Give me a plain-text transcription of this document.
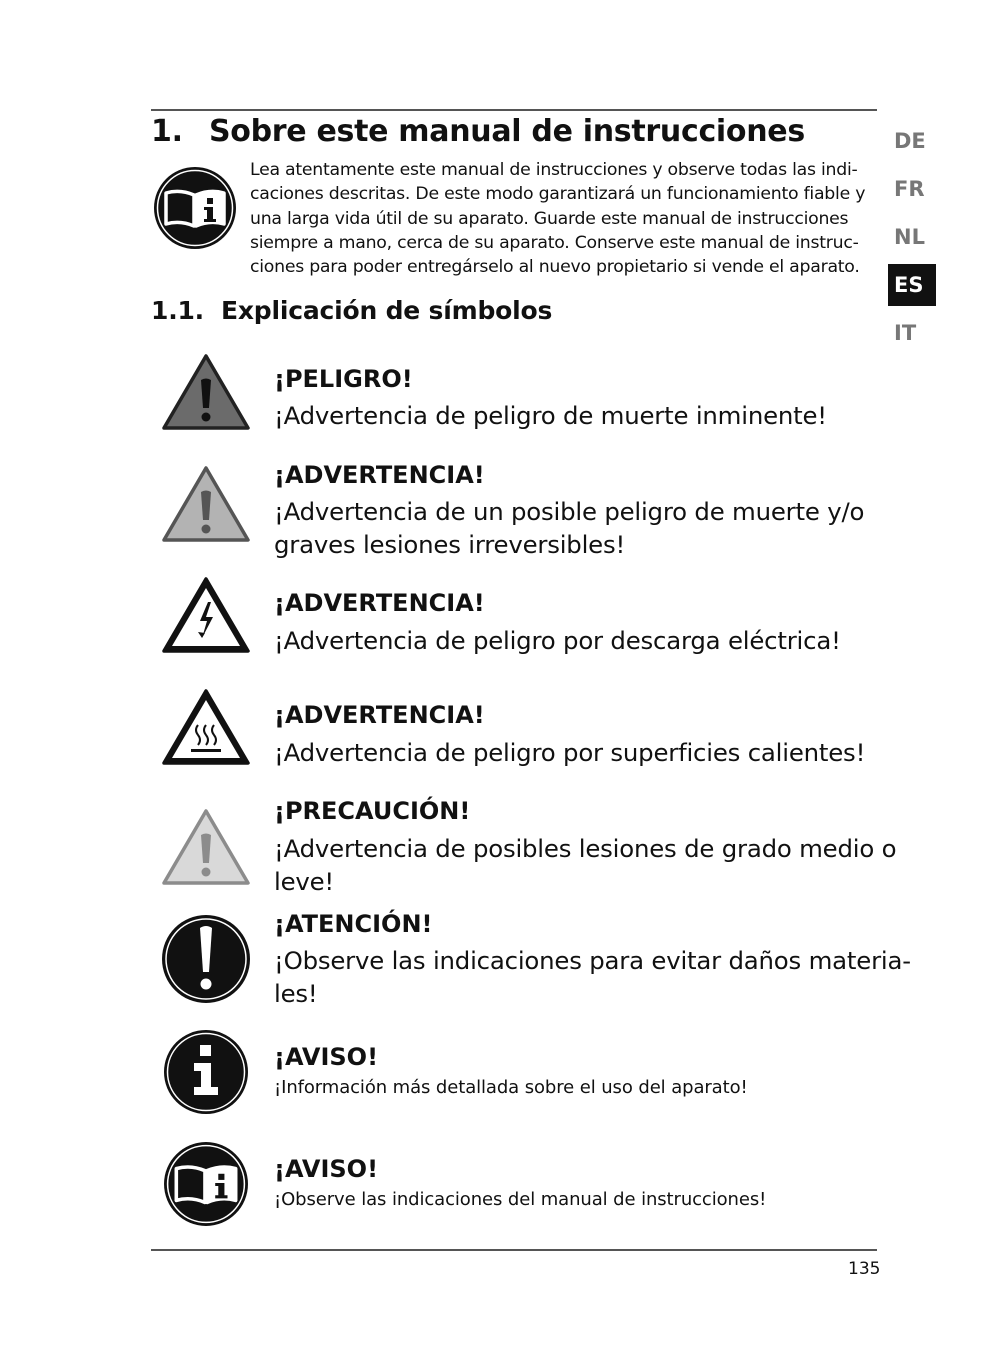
1. Sobre este manual de instrucciones
Lea atentamente este manual de instrucciones y observe todas las indi-
caciones descritas. De este modo garantizará un funcionamiento fiable y
una larga vida útil de su aparato. Guarde este manual de instrucciones
siempre a mano, cerca de su aparato. Conserve este manual de instruc-
ciones para poder entregárselo al nuevo propietario si vende el aparato.
1.1. Explicación de símbolos
¡PELIGRO!
¡Advertencia de peligro de muerte inminente!
¡ADVERTENCIA!
¡Advertencia de un posible peligro de muerte y/o
graves lesiones irreversibles!
¡ADVERTENCIA!
¡Advertencia de peligro por descarga eléctrica!
¡ADVERTENCIA!
¡Advertencia de peligro por superficies calientes!
¡PRECAUCIÓN!
¡Advertencia de posibles lesiones de grado medio o
leve!
¡ATENCIÓN!
¡Observe las indicaciones para evitar daños materia-
les!
¡AVISO!
¡Información más detallada sobre el uso del aparato!
¡AVISO!
¡Observe las indicaciones del manual de instrucciones!
DE
FR
NL
ES
IT
135
